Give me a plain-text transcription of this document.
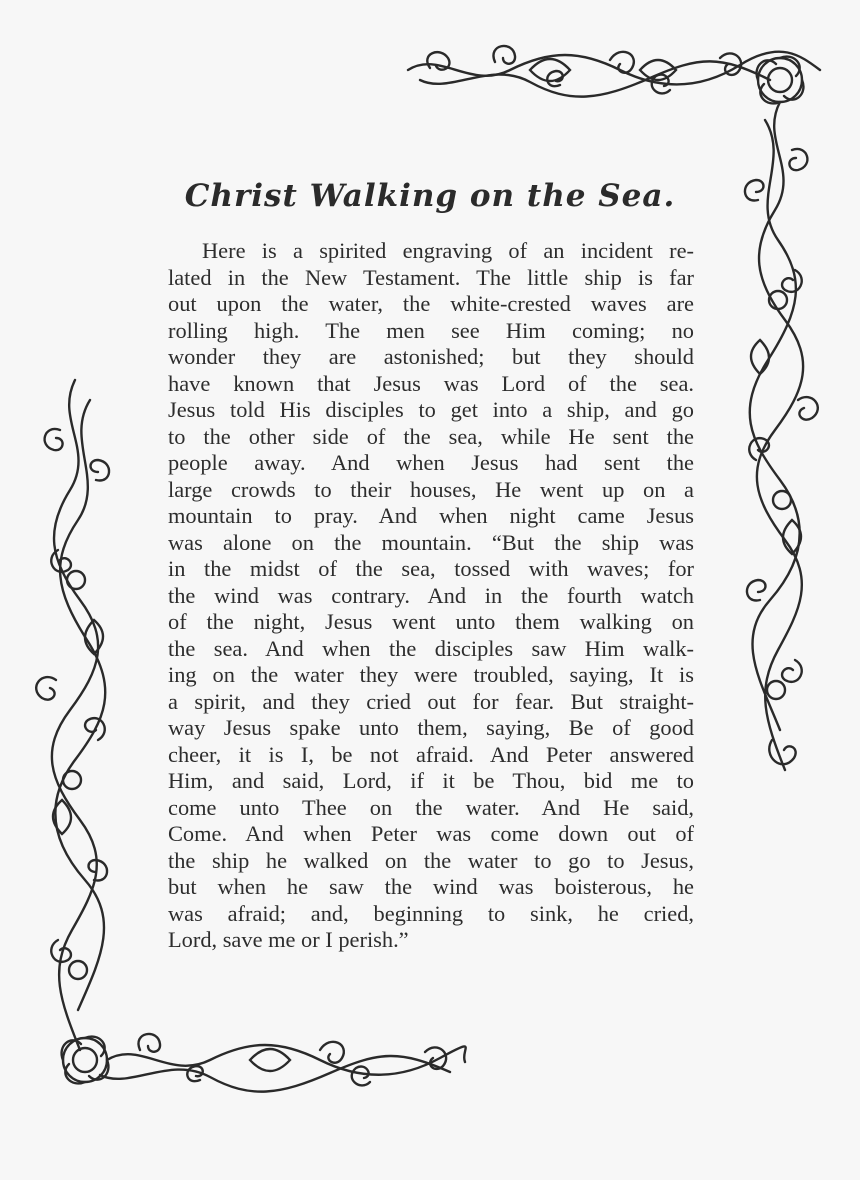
Christ Walking on the Sea.
Here is a spirited engraving of an incident re-
lated in the New Testament. The little ship is far
out upon the water, the white-crested waves are
rolling high. The men see Him coming; no
wonder they are astonished; but they should
have known that Jesus was Lord of the sea.
Jesus told His disciples to get into a ship, and go
to the other side of the sea, while He sent the
people away. And when Jesus had sent the
large crowds to their houses, He went up on a
mountain to pray. And when night came Jesus
was alone on the mountain. “But the ship was
in the midst of the sea, tossed with waves; for
the wind was contrary. And in the fourth watch
of the night, Jesus went unto them walking on
the sea. And when the disciples saw Him walk-
ing on the water they were troubled, saying, It is
a spirit, and they cried out for fear. But straight-
way Jesus spake unto them, saying, Be of good
cheer, it is I, be not afraid. And Peter answered
Him, and said, Lord, if it be Thou, bid me to
come unto Thee on the water. And He said,
Come. And when Peter was come down out of
the ship he walked on the water to go to Jesus,
but when he saw the wind was boisterous, he
was afraid; and, beginning to sink, he cried,
Lord, save me or I perish.”
